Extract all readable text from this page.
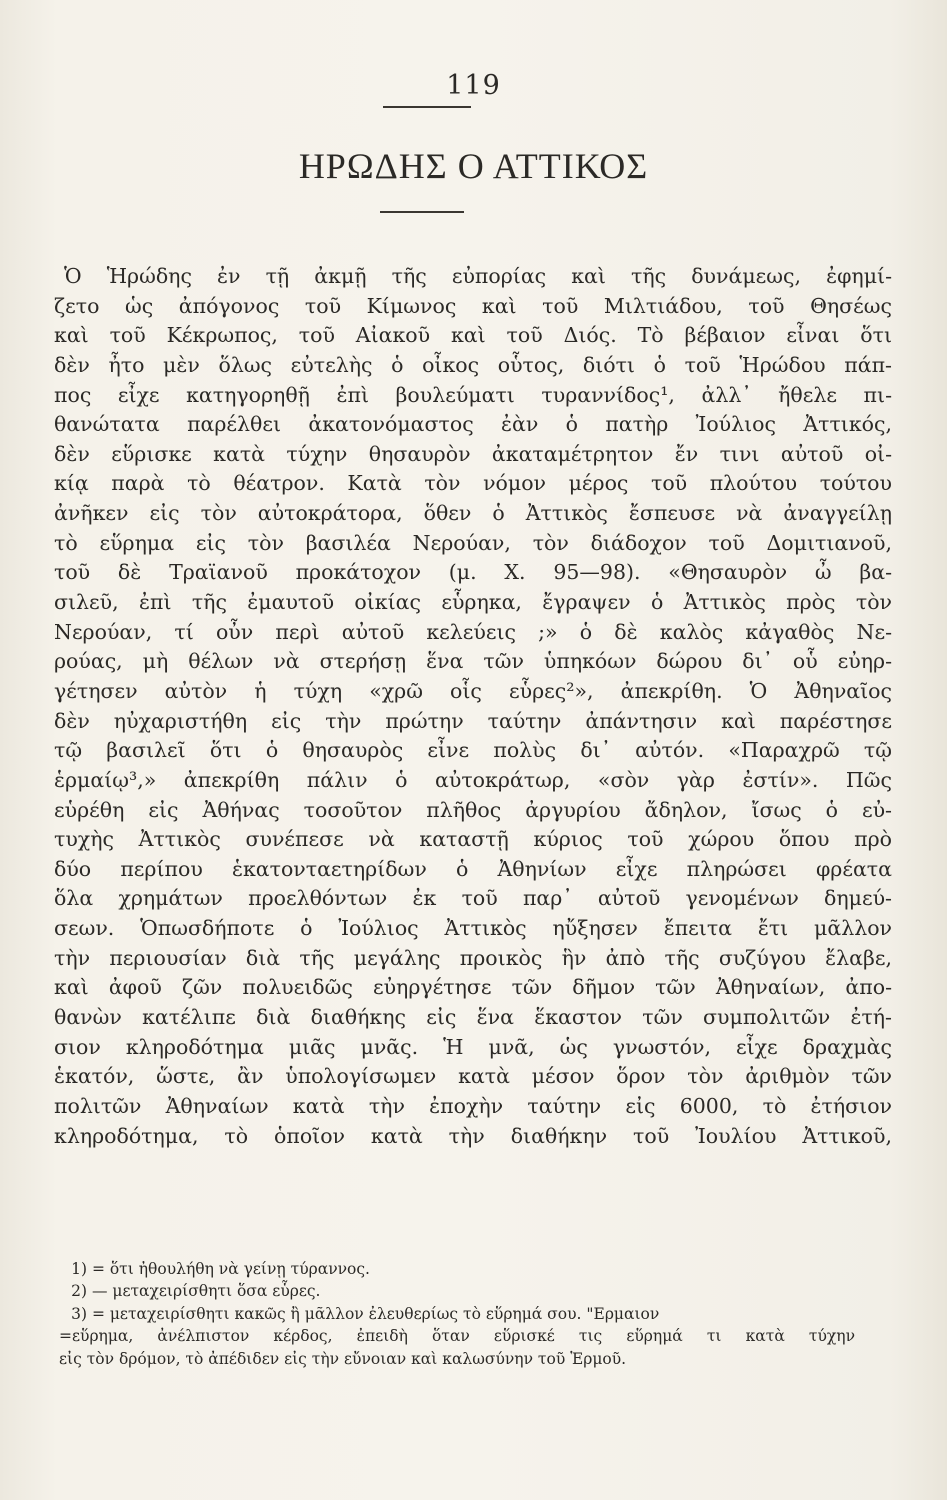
119
ΗΡΩΔΗΣ Ο ΑΤΤΙΚΟΣ
Ὁ Ἡρώδης ἐν τῇ ἀκμῇ τῆς εὐπορίας καὶ τῆς δυνάμεως, ἐφημί-
ζετο ὡς ἀπόγονος τοῦ Κίμωνος καὶ τοῦ Μιλτιάδου, τοῦ Θησέως
καὶ τοῦ Κέκρωπος, τοῦ Αἰακοῦ καὶ τοῦ Διός. Τὸ βέβαιον εἶναι ὅτι
δὲν ἦτο μὲν ὅλως εὐτελὴς ὁ οἶκος οὗτος, διότι ὁ τοῦ Ἡρώδου πάπ-
πος εἶχε κατηγορηθῇ ἐπὶ βουλεύματι τυραννίδος¹, ἀλλ᾽ ἤθελε πι-
θανώτατα παρέλθει ἀκατονόμαστος ἐὰν ὁ πατὴρ Ἰούλιος Ἀττικός,
δὲν εὕρισκε κατὰ τύχην θησαυρὸν ἀκαταμέτρητον ἔν τινι αὐτοῦ οἰ-
κίᾳ παρὰ τὸ θέατρον. Κατὰ τὸν νόμον μέρος τοῦ πλούτου τούτου
ἀνῆκεν εἰς τὸν αὐτοκράτορα, ὅθεν ὁ Ἀττικὸς ἔσπευσε νὰ ἀναγγείλῃ
τὸ εὕρημα εἰς τὸν βασιλέα Νερούαν, τὸν διάδοχον τοῦ Δομιτιανοῦ,
τοῦ δὲ Τραϊανοῦ προκάτοχον (μ. Χ. 95—98). «Θησαυρὸν ὦ βα-
σιλεῦ, ἐπὶ τῆς ἐμαυτοῦ οἰκίας εὗρηκα, ἔγραψεν ὁ Ἀττικὸς πρὸς τὸν
Νερούαν, τί οὖν περὶ αὐτοῦ κελεύεις ;» ὁ δὲ καλὸς κἀγαθὸς Νε-
ρούας, μὴ θέλων νὰ στερήσῃ ἕνα τῶν ὑπηκόων δώρου δι᾽ οὗ εὐηρ-
γέτησεν αὐτὸν ἡ τύχη «χρῶ οἷς εὗρες²», ἀπεκρίθη. Ὁ Ἀθηναῖος
δὲν ηὐχαριστήθη εἰς τὴν πρώτην ταύτην ἀπάντησιν καὶ παρέστησε
τῷ βασιλεῖ ὅτι ὁ θησαυρὸς εἶνε πολὺς δι᾽ αὐτόν. «Παραχρῶ τῷ
ἑρμαίῳ³,» ἀπεκρίθη πάλιν ὁ αὐτοκράτωρ, «σὸν γὰρ ἐστίν». Πῶς
εὑρέθη εἰς Ἀθήνας τοσοῦτον πλῆθος ἀργυρίου ἄδηλον, ἴσως ὁ εὐ-
τυχὴς Ἀττικὸς συνέπεσε νὰ καταστῇ κύριος τοῦ χώρου ὅπου πρὸ
δύο περίπου ἑκατονταετηρίδων ὁ Ἀθηνίων εἶχε πληρώσει φρέατα
ὅλα χρημάτων προελθόντων ἐκ τοῦ παρ᾽ αὐτοῦ γενομένων δημεύ-
σεων. Ὁπωσδήποτε ὁ Ἰούλιος Ἀττικὸς ηὔξησεν ἔπειτα ἔτι μᾶλλον
τὴν περιουσίαν διὰ τῆς μεγάλης προικὸς ἣν ἀπὸ τῆς συζύγου ἔλαβε,
καὶ ἀφοῦ ζῶν πολυειδῶς εὐηργέτησε τῶν δῆμον τῶν Ἀθηναίων, ἀπο-
θανὼν κατέλιπε διὰ διαθήκης εἰς ἕνα ἕκαστον τῶν συμπολιτῶν ἐτή-
σιον κληροδότημα μιᾶς μνᾶς. Ἡ μνᾶ, ὡς γνωστόν, εἶχε δραχμὰς
ἑκατόν, ὥστε, ἂν ὑπολογίσωμεν κατὰ μέσον ὅρον τὸν ἀριθμὸν τῶν
πολιτῶν Ἀθηναίων κατὰ τὴν ἐποχὴν ταύτην εἰς 6000, τὸ ἐτήσιον
κληροδότημα, τὸ ὁποῖον κατὰ τὴν διαθήκην τοῦ Ἰουλίου Ἀττικοῦ,
1) = ὅτι ἠθουλήθη νὰ γείνῃ τύραννος.
2) — μεταχειρίσθητι ὅσα εὗρες.
3) = μεταχειρίσθητι κακῶς ἢ μᾶλλον ἐλευθερίως τὸ εὕρημά σου. "Ερμαιον
=εὕρημα, ἀνέλπιστον κέρδος, ἐπειδὴ ὅταν εὕρισκέ τις εὕρημά τι κατὰ τύχην
εἰς τὸν δρόμον, τὸ ἀπέδιδεν εἰς τὴν εὔνοιαν καὶ καλωσύνην τοῦ Ἑρμοῦ.
